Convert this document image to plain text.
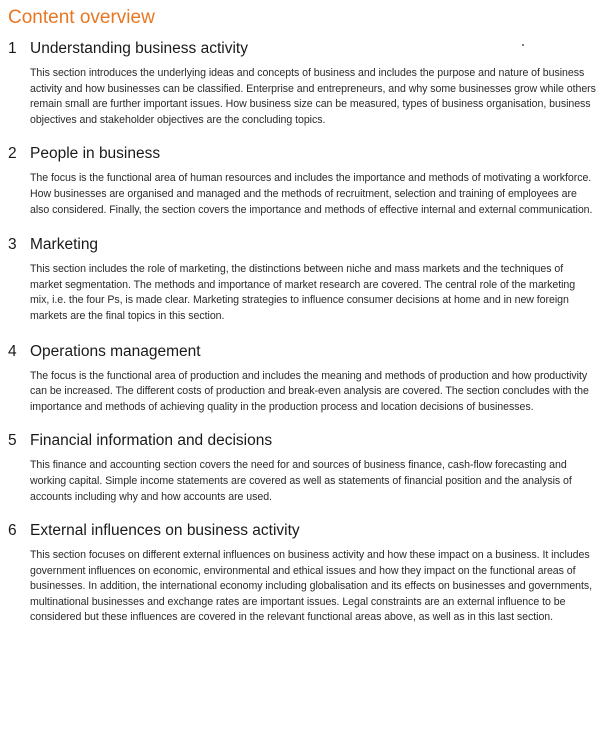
Content overview
1 Understanding business activity

This section introduces the underlying ideas and concepts of business and includes the purpose and nature of business activity and how businesses can be classified. Enterprise and entrepreneurs, and why some businesses grow while others remain small are further important issues. How business size can be measured, types of business organisation, business objectives and stakeholder objectives are the concluding topics.

2 People in business

The focus is the functional area of human resources and includes the importance and methods of motivating a workforce. How businesses are organised and managed and the methods of recruitment, selection and training of employees are also considered. Finally, the section covers the importance and methods of effective internal and external communication.

3 Marketing

This section includes the role of marketing, the distinctions between niche and mass markets and the techniques of market segmentation. The methods and importance of market research are covered. The central role of the marketing mix, i.e. the four Ps, is made clear. Marketing strategies to influence consumer decisions at home and in new foreign markets are the final topics in this section.

4 Operations management

The focus is the functional area of production and includes the meaning and methods of production and how productivity can be increased. The different costs of production and break-even analysis are covered. The section concludes with the importance and methods of achieving quality in the production process and location decisions of businesses.

5 Financial information and decisions

This finance and accounting section covers the need for and sources of business finance, cash-flow forecasting and working capital. Simple income statements are covered as well as statements of financial position and the analysis of accounts including why and how accounts are used.

6 External influences on business activity

This section focuses on different external influences on business activity and how these impact on a business. It includes government influences on economic, environmental and ethical issues and how they impact on the functional areas of businesses. In addition, the international economy including globalisation and its effects on businesses and governments, multinational businesses and exchange rates are important issues. Legal constraints are an external influence to be considered but these influences are covered in the relevant functional areas above, as well as in this last section.
